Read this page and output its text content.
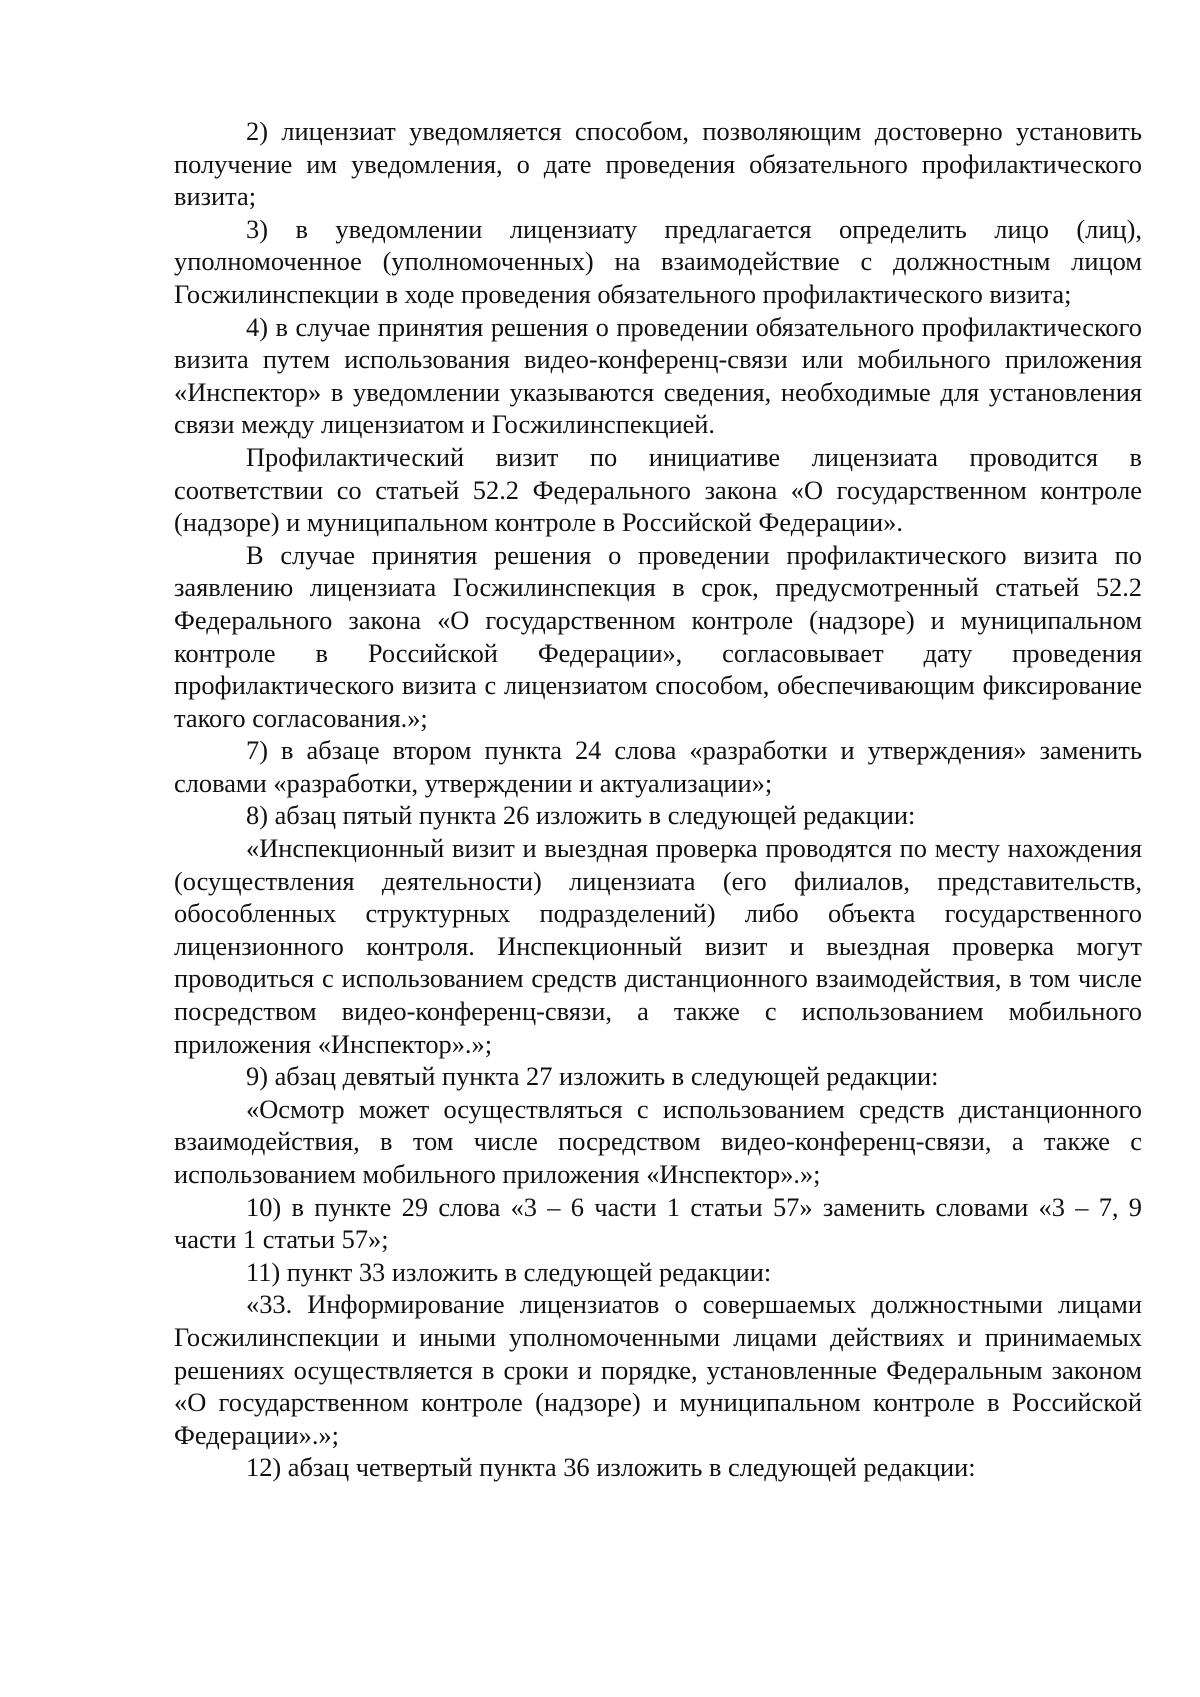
2) лицензиат уведомляется способом, позволяющим достоверно установить получение им уведомления, о дате проведения обязательного профилактического визита;

3) в уведомлении лицензиату предлагается определить лицо (лиц), уполномоченное (уполномоченных) на взаимодействие с должностным лицом Госжилинспекции в ходе проведения обязательного профилактического визита;

4) в случае принятия решения о проведении обязательного профилактического визита путем использования видео-конференц-связи или мобильного приложения «Инспектор» в уведомлении указываются сведения, необходимые для установления связи между лицензиатом и Госжилинспекцией.

Профилактический визит по инициативе лицензиата проводится в соответствии со статьей 52.2 Федерального закона «О государственном контроле (надзоре) и муниципальном контроле в Российской Федерации».

В случае принятия решения о проведении профилактического визита по заявлению лицензиата Госжилинспекция в срок, предусмотренный статьей 52.2 Федерального закона «О государственном контроле (надзоре) и муниципальном контроле в Российской Федерации», согласовывает дату проведения профилактического визита с лицензиатом способом, обеспечивающим фиксирование такого согласования.»;

7) в абзаце втором пункта 24 слова «разработки и утверждения» заменить словами «разработки, утверждении и актуализации»;

8) абзац пятый пункта 26 изложить в следующей редакции:

«Инспекционный визит и выездная проверка проводятся по месту нахождения (осуществления деятельности) лицензиата (его филиалов, представительств, обособленных структурных подразделений) либо объекта государственного лицензионного контроля. Инспекционный визит и выездная проверка могут проводиться с использованием средств дистанционного взаимодействия, в том числе посредством видео-конференц-связи, а также с использованием мобильного приложения «Инспектор».»;

9) абзац девятый пункта 27 изложить в следующей редакции:

«Осмотр может осуществляться с использованием средств дистанционного взаимодействия, в том числе посредством видео-конференц-связи, а также с использованием мобильного приложения «Инспектор».»;

10) в пункте 29 слова «3 – 6 части 1 статьи 57» заменить словами «3 – 7, 9 части 1 статьи 57»;

11) пункт 33 изложить в следующей редакции:

«33. Информирование лицензиатов о совершаемых должностными лицами Госжилинспекции и иными уполномоченными лицами действиях и принимаемых решениях осуществляется в сроки и порядке, установленные Федеральным законом «О государственном контроле (надзоре) и муниципальном контроле в Российской Федерации».»;

12) абзац четвертый пункта 36 изложить в следующей редакции:
